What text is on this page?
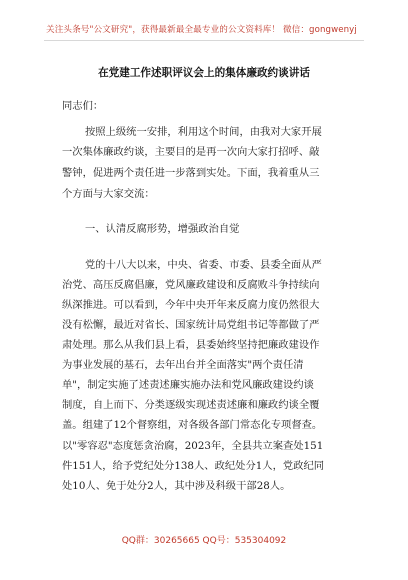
关注头条号"公文研究"，获得最新最全最专业的公文资料库！ 微信：gongwenyj
在党建工作述职评议会上的集体廉政约谈讲话
同志们：
按照上级统一安排，利用这个时间，由我对大家开展
一次集体廉政约谈，主要目的是再一次向大家打招呼、敲
警钟，促进两个责任进一步落到实处。下面，我着重从三
个方面与大家交流：
一、认清反腐形势，增强政治自觉
党的十八大以来，中央、省委、市委、县委全面从严
治党、高压反腐倡廉，党风廉政建设和反腐败斗争持续向
纵深推进。可以看到，今年中央开年来反腐力度仍然很大
没有松懈，最近对省长、国家统计局党组书记等都做了严
肃处理。那么从我们县上看，县委始终坚持把廉政建设作
为事业发展的基石，去年出台并全面落实"两个责任清
单"，制定实施了述责述廉实施办法和党风廉政建设约谈
制度，自上而下、分类逐级实现述责述廉和廉政约谈全覆
盖。组建了12个督察组，对各级各部门常态化专项督查。
以"零容忍"态度惩贪治腐，2023年，全县共立案查处151
件151人，给予党纪处分138人、政纪处分1人，党政纪同
处10人、免于处分2人，其中涉及科级干部28人。
QQ群：30265665 QQ号：535304092
